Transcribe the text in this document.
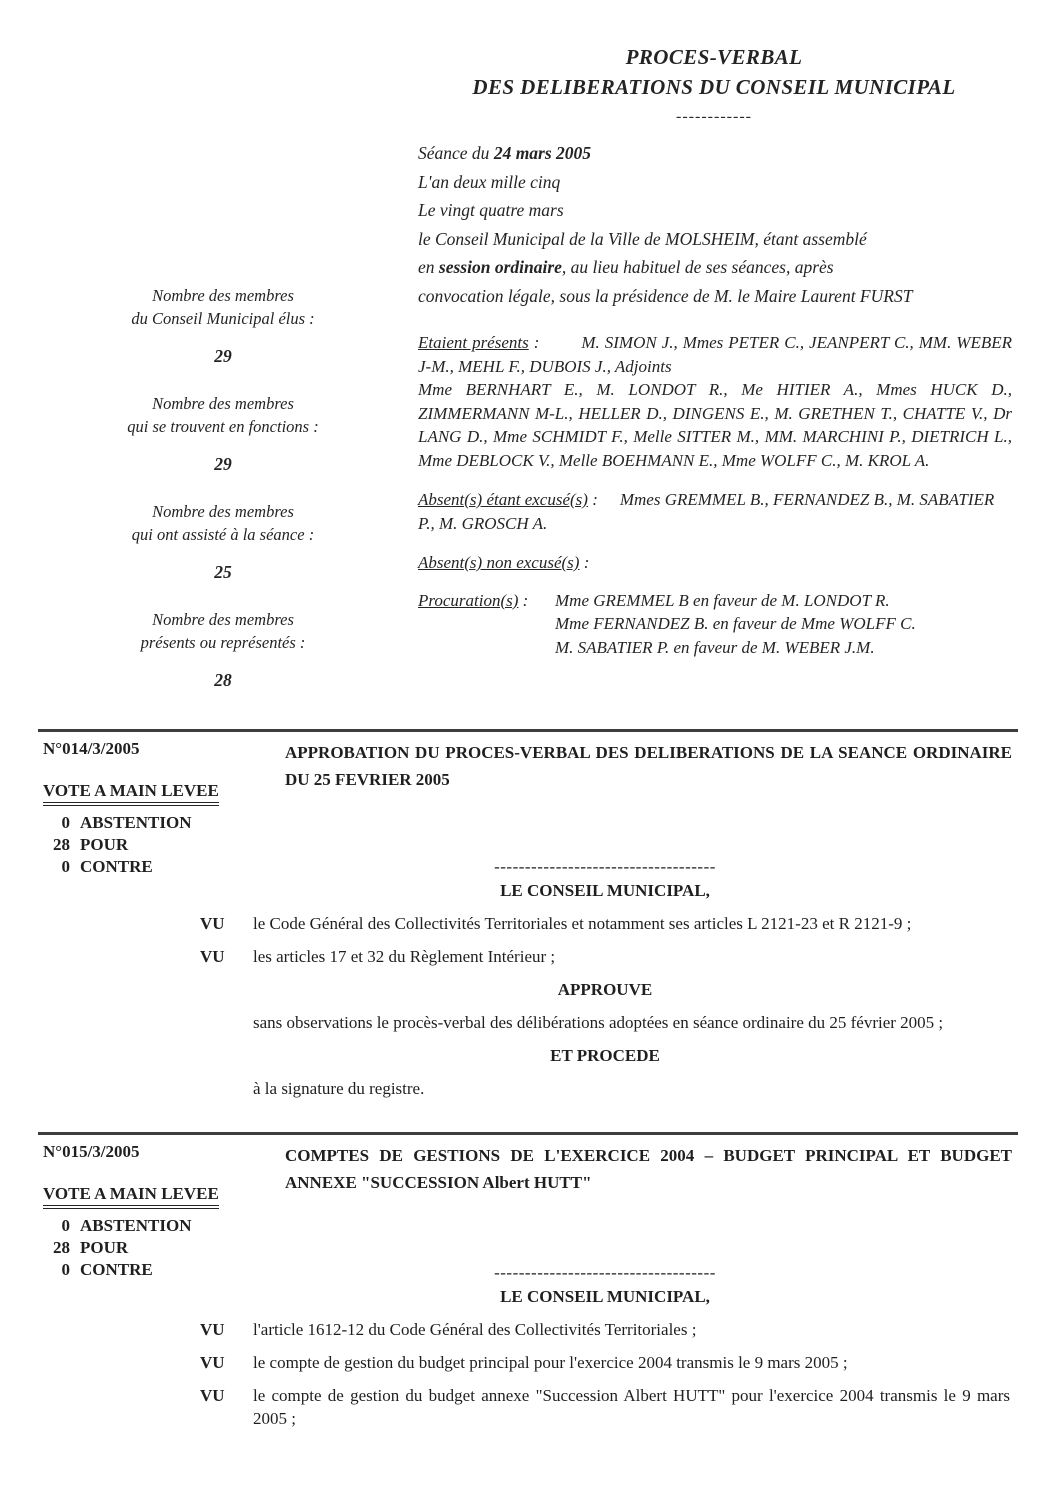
PROCES-VERBAL
DES DELIBERATIONS DU CONSEIL MUNICIPAL
------------
Séance du 24 mars 2005
L'an deux mille cinq
Le vingt quatre mars
le Conseil Municipal de la Ville de MOLSHEIM, étant assemblé
en session ordinaire, au lieu habituel de ses séances, après
convocation légale, sous la présidence de M. le Maire Laurent FURST
Nombre des membres
du Conseil Municipal élus :
29
Nombre des membres
qui se trouvent en fonctions :
29
Nombre des membres
qui ont assisté à la séance :
25
Nombre des membres
présents ou représentés :
28
Etaient présents : M. SIMON J., Mmes PETER C., JEANPERT C., MM. WEBER J-M., MEHL F., DUBOIS J., Adjoints
Mme BERNHART E., M. LONDOT R., Me HITIER A., Mmes HUCK D., ZIMMERMANN M-L., HELLER D., DINGENS E., M. GRETHEN T., CHATTE V., Dr LANG D., Mme SCHMIDT F., Melle SITTER M., MM. MARCHINI P., DIETRICH L., Mme DEBLOCK V., Melle BOEHMANN E., Mme WOLFF C., M. KROL A.
Absent(s) étant excusé(s) : Mmes GREMMEL B., FERNANDEZ B., M. SABATIER P., M. GROSCH A.
Absent(s) non excusé(s) :
Procuration(s) :	Mme GREMMEL B en faveur de M. LONDOT R.
Mme FERNANDEZ B. en faveur de Mme WOLFF C.
M. SABATIER P. en faveur de M. WEBER J.M.
N°014/3/2005	APPROBATION DU PROCES-VERBAL DES DELIBERATIONS DE LA SEANCE ORDINAIRE DU 25 FEVRIER 2005
VOTE A MAIN LEVEE
0 ABSTENTION
28 POUR
0 CONTRE	------------------------------------
LE CONSEIL MUNICIPAL,
VU	le Code Général des Collectivités Territoriales et notamment ses articles L 2121-23 et R 2121-9 ;
VU	les articles 17 et 32 du Règlement Intérieur ;
APPROUVE
sans observations le procès-verbal des délibérations adoptées en séance ordinaire du 25 février 2005 ;
ET PROCEDE
à la signature du registre.
N°015/3/2005	COMPTES DE GESTIONS DE L'EXERCICE 2004 – BUDGET PRINCIPAL ET BUDGET ANNEXE "SUCCESSION Albert HUTT"
VOTE A MAIN LEVEE
0 ABSTENTION
28 POUR
0 CONTRE	------------------------------------
LE CONSEIL MUNICIPAL,
VU	l'article 1612-12 du Code Général des Collectivités Territoriales ;
VU	le compte de gestion du budget principal pour l'exercice 2004 transmis le 9 mars 2005 ;
VU	le compte de gestion du budget annexe "Succession Albert HUTT" pour l'exercice 2004 transmis le 9 mars 2005 ;
